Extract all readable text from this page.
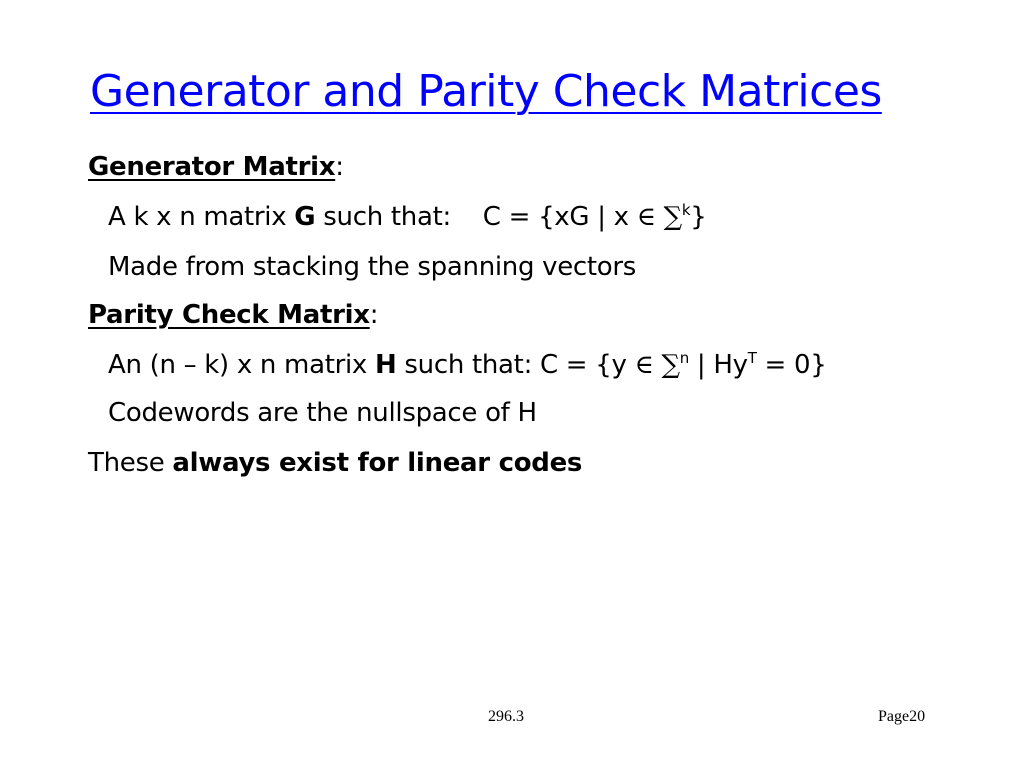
Generator and Parity Check Matrices
Generator Matrix:
A k x n matrix G such that: C = {xG | x ∈ ∑$^k$}
Made from stacking the spanning vectors
Parity Check Matrix:
An (n – k) x n matrix H such that: C = {y ∈ ∑$^n$ | $Hy^T = 0$}
Codewords are the nullspace of H
These always exist for linear codes
296.3	Page20
